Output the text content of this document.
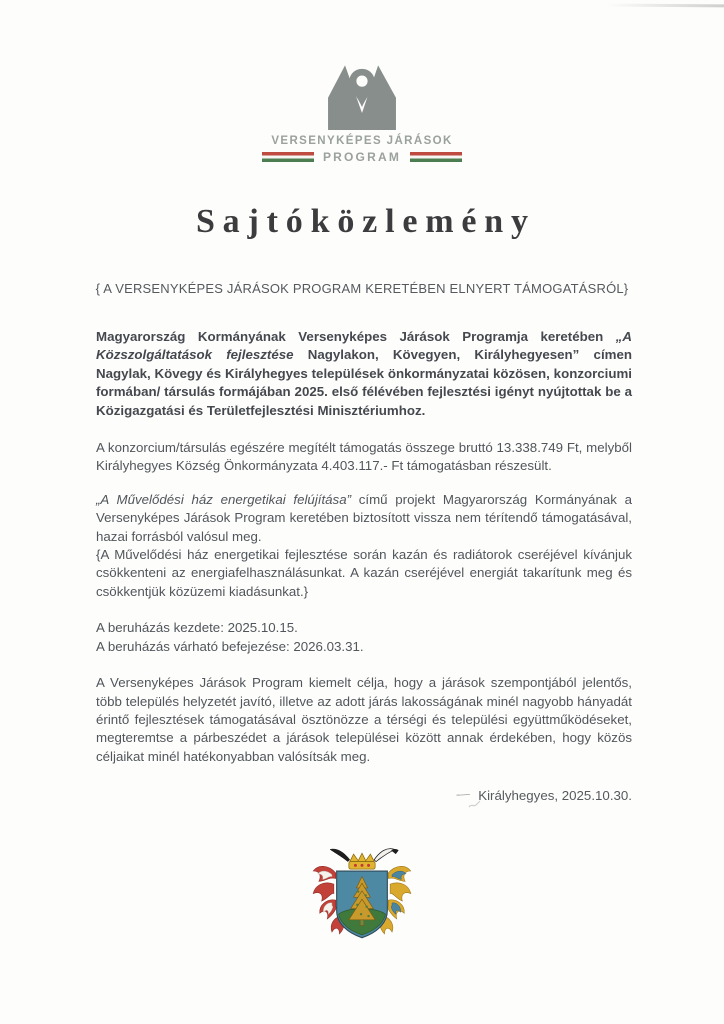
VERSENYKÉPES JÁRÁSOK
PROGRAM
Sajtóközlemény
{ A VERSENYKÉPES JÁRÁSOK PROGRAM KERETÉBEN ELNYERT TÁMOGATÁSRÓL}

Magyarország Kormányának Versenyképes Járások Programja keretében „A Közszolgáltatások fejlesztése Nagylakon, Kövegyen, Királyhegyesen” címen Nagylak, Kövegy és Királyhegyes települések önkormányzatai közösen, konzorciumi formában/ társulás formájában 2025. első félévében fejlesztési igényt nyújtottak be a Közigazgatási és Területfejlesztési Minisztériumhoz.

A konzorcium/társulás egészére megítélt támogatás összege bruttó 13.338.749 Ft, melyből Királyhegyes Község Önkormányzata 4.403.117.- Ft támogatásban részesült.

„A Művelődési ház energetikai felújítása” című projekt Magyarország Kormányának a Versenyképes Járások Program keretében biztosított vissza nem térítendő támogatásával, hazai forrásból valósul meg.

{A Művelődési ház energetikai fejlesztése során kazán és radiátorok cseréjével kívánjuk csökkenteni az energiafelhasználásunkat. A kazán cseréjével energiát takarítunk meg és csökkentjük közüzemi kiadásunkat.}

A beruházás kezdete: 2025.10.15.
A beruházás várható befejezése: 2026.03.31.

A Versenyképes Járások Program kiemelt célja, hogy a járások szempontjából jelentős, több település helyzetét javító, illetve az adott járás lakosságának minél nagyobb hányadát érintő fejlesztések támogatásával ösztönözze a térségi és települési együttműködéseket, megteremtse a párbeszédet a járások települései között annak érdekében, hogy közös céljaikat minél hatékonyabban valósítsák meg.

-— Királyhegyes, 2025.10.30.
